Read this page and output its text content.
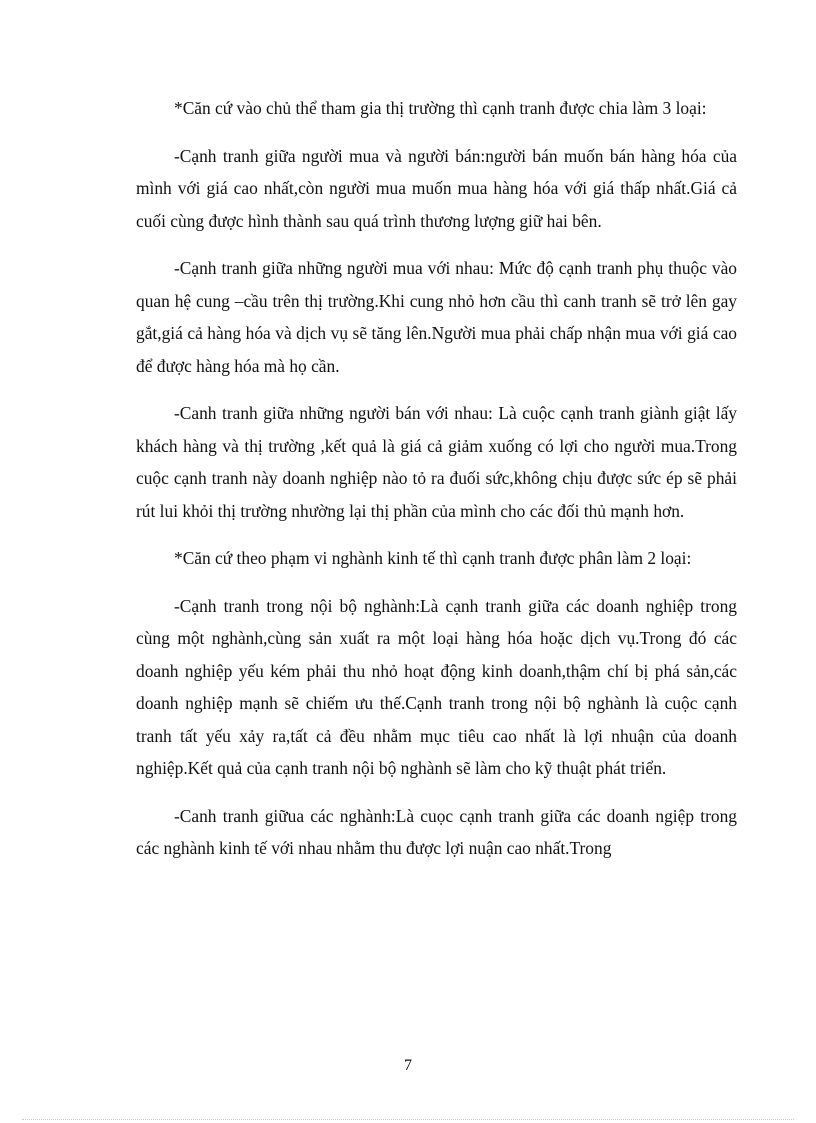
*Căn cứ vào chủ thể tham gia thị trường thì cạnh tranh được chia làm 3 loại:

-Cạnh tranh giữa người mua và người bán:người bán muốn bán hàng hóa của mình với giá cao nhất,còn người mua muốn mua hàng hóa với giá thấp nhất.Giá cả cuối cùng được hình thành sau quá trình thương lượng giữ hai bên.

-Cạnh tranh giữa những người mua với nhau: Mức độ cạnh tranh phụ thuộc vào quan hệ cung –cầu trên thị trường.Khi cung nhỏ hơn cầu thì canh tranh sẽ trở lên gay gắt,giá cả hàng hóa và dịch vụ sẽ tăng lên.Người mua phải chấp nhận mua với giá cao để được hàng hóa mà họ cần.

-Canh tranh giữa những người bán với nhau: Là cuộc cạnh tranh giành giật lấy khách hàng và thị trường ,kết quả là giá cả giảm xuống có lợi cho người mua.Trong cuộc cạnh tranh này doanh nghiệp nào tỏ ra đuối sức,không chịu được sức ép sẽ phải rút lui khỏi thị trường nhường lại thị phần của mình cho các đối thủ mạnh hơn.

*Căn cứ theo phạm vi nghành kinh tế thì cạnh tranh được phân làm 2 loại:

-Cạnh tranh trong nội bộ nghành:Là cạnh tranh giữa các doanh nghiệp trong cùng một nghành,cùng sản xuất ra một loại hàng hóa hoặc dịch vụ.Trong đó các doanh nghiệp yếu kém phải thu nhỏ hoạt động kinh doanh,thậm chí bị phá sản,các doanh nghiệp mạnh sẽ chiếm ưu thế.Cạnh tranh trong nội bộ nghành là cuộc cạnh tranh tất yếu xảy ra,tất cả đều nhằm mục tiêu cao nhất là lợi nhuận của doanh nghiệp.Kết quả của cạnh tranh nội bộ nghành sẽ làm cho kỹ thuật phát triển.

-Canh tranh giữua các nghành:Là cuọc cạnh tranh giữa các doanh ngiệp trong các nghành kinh tế với nhau nhằm thu được lợi nuận cao nhất.Trong

7
